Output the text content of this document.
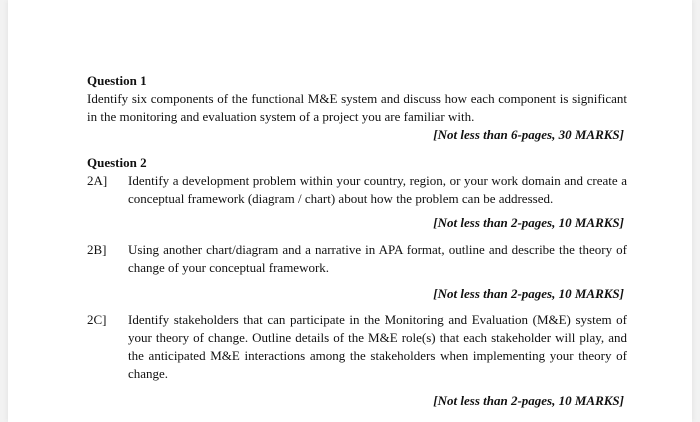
Question 1

Identify six components of the functional M&E system and discuss how each component is significant in the monitoring and evaluation system of a project you are familiar with.

[Not less than 6-pages, 30 MARKS]

Question 2

2A]	Identify a development problem within your country, region, or your work domain and create a conceptual framework (diagram / chart) about how the problem can be addressed.

[Not less than 2-pages, 10 MARKS]

2B]	Using another chart/diagram and a narrative in APA format, outline and describe the theory of change of your conceptual framework.

[Not less than 2-pages, 10 MARKS]

2C]	Identify stakeholders that can participate in the Monitoring and Evaluation (M&E) system of your theory of change. Outline details of the M&E role(s) that each stakeholder will play, and the anticipated M&E interactions among the stakeholders when implementing your theory of change.

[Not less than 2-pages, 10 MARKS]
